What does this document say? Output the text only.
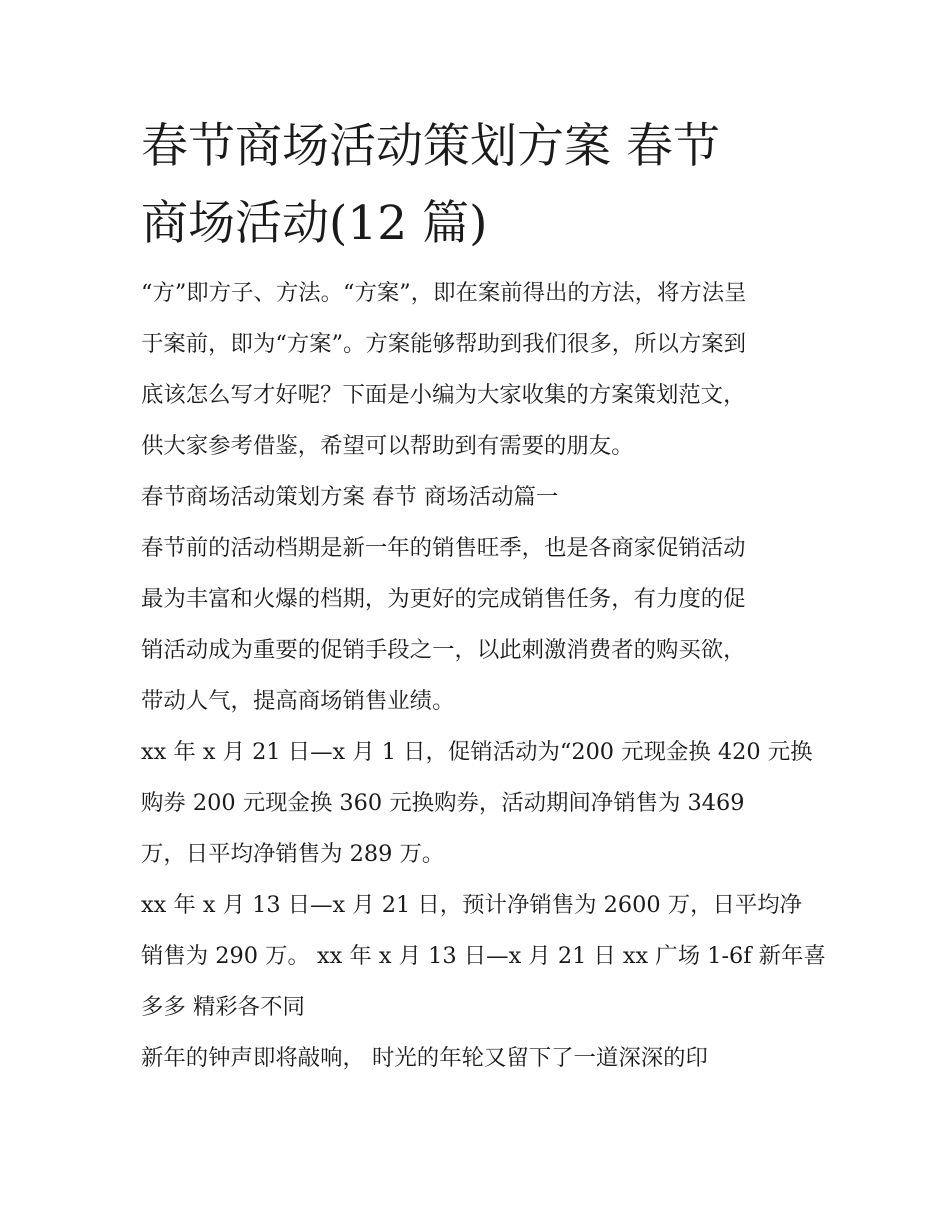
春节商场活动策划方案 春节
商场活动(12 篇)
“方”即方子、方法。“方案”，即在案前得出的方法，将方法呈
于案前，即为“方案”。方案能够帮助到我们很多，所以方案到
底该怎么写才好呢？下面是小编为大家收集的方案策划范文，
供大家参考借鉴，希望可以帮助到有需要的朋友。
春节商场活动策划方案 春节 商场活动篇一
春节前的活动档期是新一年的销售旺季，也是各商家促销活动
最为丰富和火爆的档期，为更好的完成销售任务，有力度的促
销活动成为重要的促销手段之一，以此刺激消费者的购买欲，
带动人气，提高商场销售业绩。
xx 年 x 月 21 日—x 月 1 日，促销活动为“200 元现金换 420 元换
购券 200 元现金换 360 元换购券，活动期间净销售为 3469
万，日平均净销售为 289 万。
xx 年 x 月 13 日—x 月 21 日，预计净销售为 2600 万，日平均净
销售为 290 万。 xx 年 x 月 13 日—x 月 21 日 xx 广场 1-6f 新年喜
多多 精彩各不同
新年的钟声即将敲响， 时光的年轮又留下了一道深深的印
